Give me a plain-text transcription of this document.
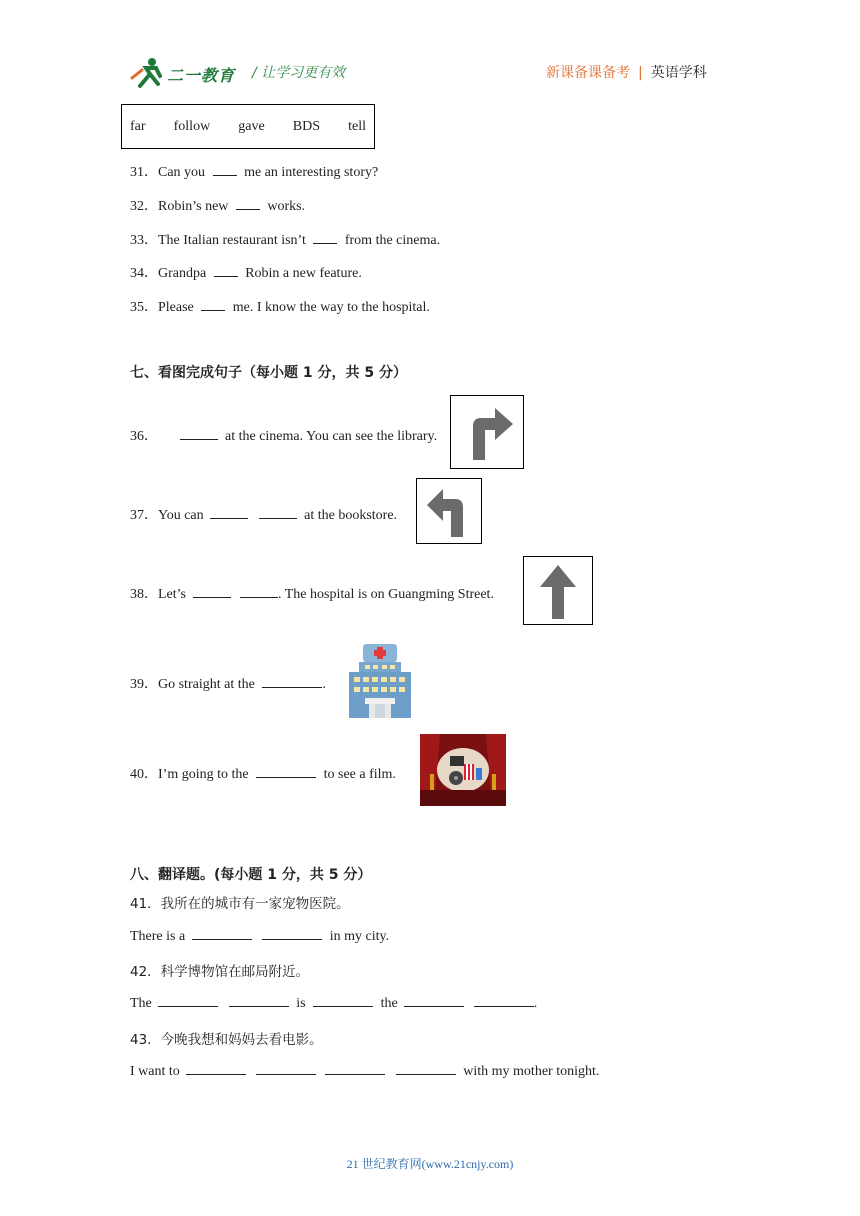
二一教育 / 让学习更有效	新课备课备考 | 英语学科
far follow gave BDS tell
31．Can you	me an interesting story?
32．Robin’s new	works.
33．The Italian restaurant isn’t	from the cinema.
34．Grandpa	Robin a new feature.
35．Please	me. I know the way to the hospital.
七、看图完成句子（每小题 1 分，共 5 分）
36．	at the cinema. You can see the library.
37．You can	at the bookstore.
38．Let’s	. The hospital is on Guangming Street.
39．Go straight at the	.
40．I’m going to the	to see a film.
八、翻译题。(每小题 1 分，共 5 分）
41．我所在的城市有一家宠物医院。
There is a	in my city.
42．科学博物馆在邮局附近。
The	is	the	.
43．今晚我想和妈妈去看电影。
I want to	with my mother tonight.
21 世纪教育网(www.21cnjy.com)
